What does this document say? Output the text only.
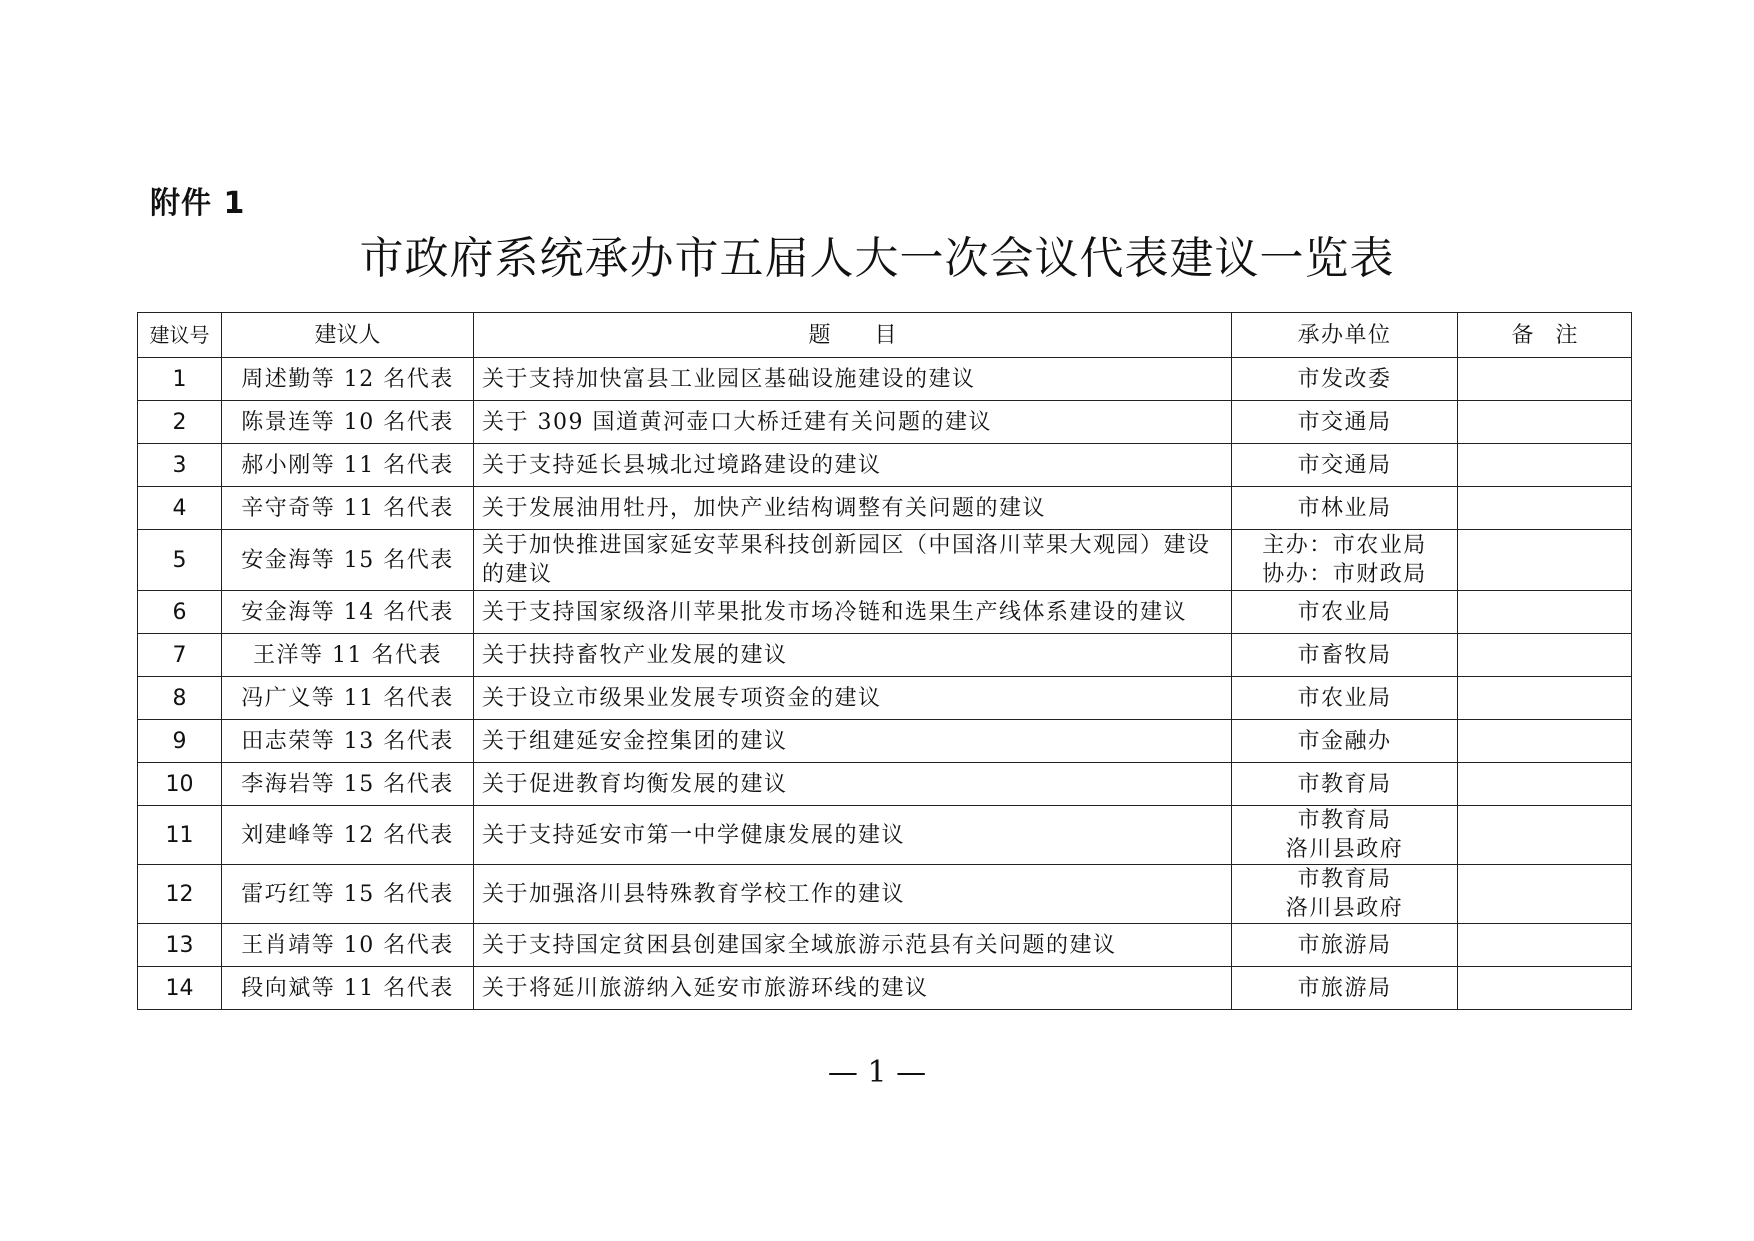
附件 1
市政府系统承办市五届人大一次会议代表建议一览表
建议号	建议人	题　　目	承办单位	备　注
1	周述勤等 12 名代表	关于支持加快富县工业园区基础设施建设的建议	市发改委	

2	陈景连等 10 名代表	关于 309 国道黄河壶口大桥迁建有关问题的建议	市交通局	

3	郝小刚等 11 名代表	关于支持延长县城北过境路建设的建议	市交通局	

4	辛守奇等 11 名代表	关于发展油用牡丹，加快产业结构调整有关问题的建议	市林业局	

5	安金海等 15 名代表	关于加快推进国家延安苹果科技创新园区（中国洛川苹果大观园）建设的建议	主办：市农业局
协办：市财政局	

6	安金海等 14 名代表	关于支持国家级洛川苹果批发市场冷链和选果生产线体系建设的建议	市农业局	

7	王洋等 11 名代表	关于扶持畜牧产业发展的建议	市畜牧局	

8	冯广义等 11 名代表	关于设立市级果业发展专项资金的建议	市农业局	

9	田志荣等 13 名代表	关于组建延安金控集团的建议	市金融办	

10	李海岩等 15 名代表	关于促进教育均衡发展的建议	市教育局	

11	刘建峰等 12 名代表	关于支持延安市第一中学健康发展的建议	市教育局
洛川县政府	

12	雷巧红等 15 名代表	关于加强洛川县特殊教育学校工作的建议	市教育局
洛川县政府	

13	王肖靖等 10 名代表	关于支持国定贫困县创建国家全域旅游示范县有关问题的建议	市旅游局	

14	段向斌等 11 名代表	关于将延川旅游纳入延安市旅游环线的建议	市旅游局	

— 1 —
